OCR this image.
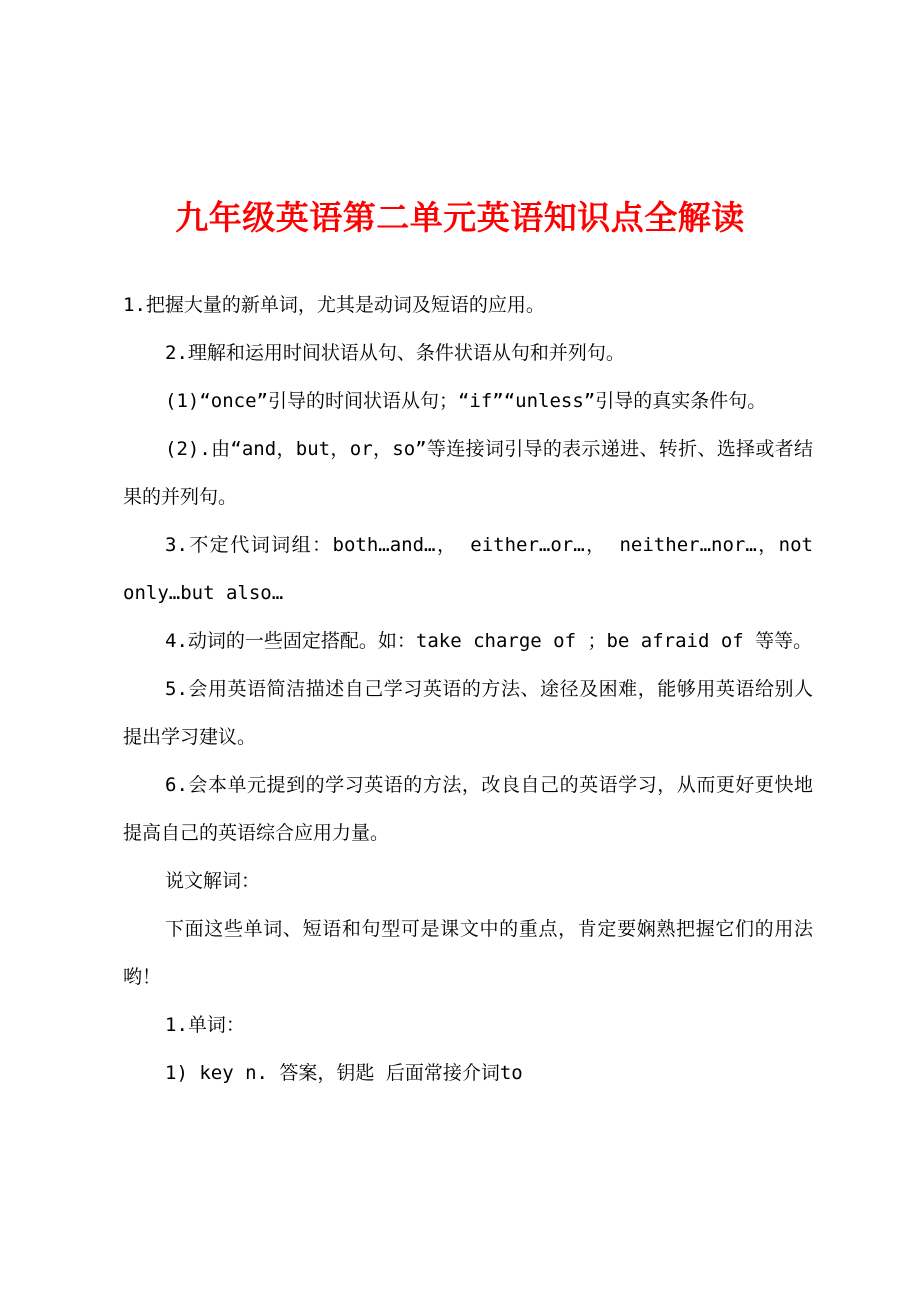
九年级英语第二单元英语知识点全解读

1.把握大量的新单词，尤其是动词及短语的应用。

2.理解和运用时间状语从句、条件状语从句和并列句。

(1)“once”引导的时间状语从句；“if”“unless”引导的真实条件句。

(2).由“and，but，or，so”等连接词引导的表示递进、转折、选择或者结果的并列句。

3.不定代词词组：both…and…， either…or…， neither…nor…，not only…but also…

4.动词的一些固定搭配。如：take charge of ；be afraid of 等等。

5.会用英语简洁描述自己学习英语的方法、途径及困难，能够用英语给别人提出学习建议。

6.会本单元提到的学习英语的方法，改良自己的英语学习，从而更好更快地提高自己的英语综合应用力量。

说文解词：

下面这些单词、短语和句型可是课文中的重点，肯定要娴熟把握它们的用法哟！

1.单词：

1) key n. 答案，钥匙 后面常接介词to
